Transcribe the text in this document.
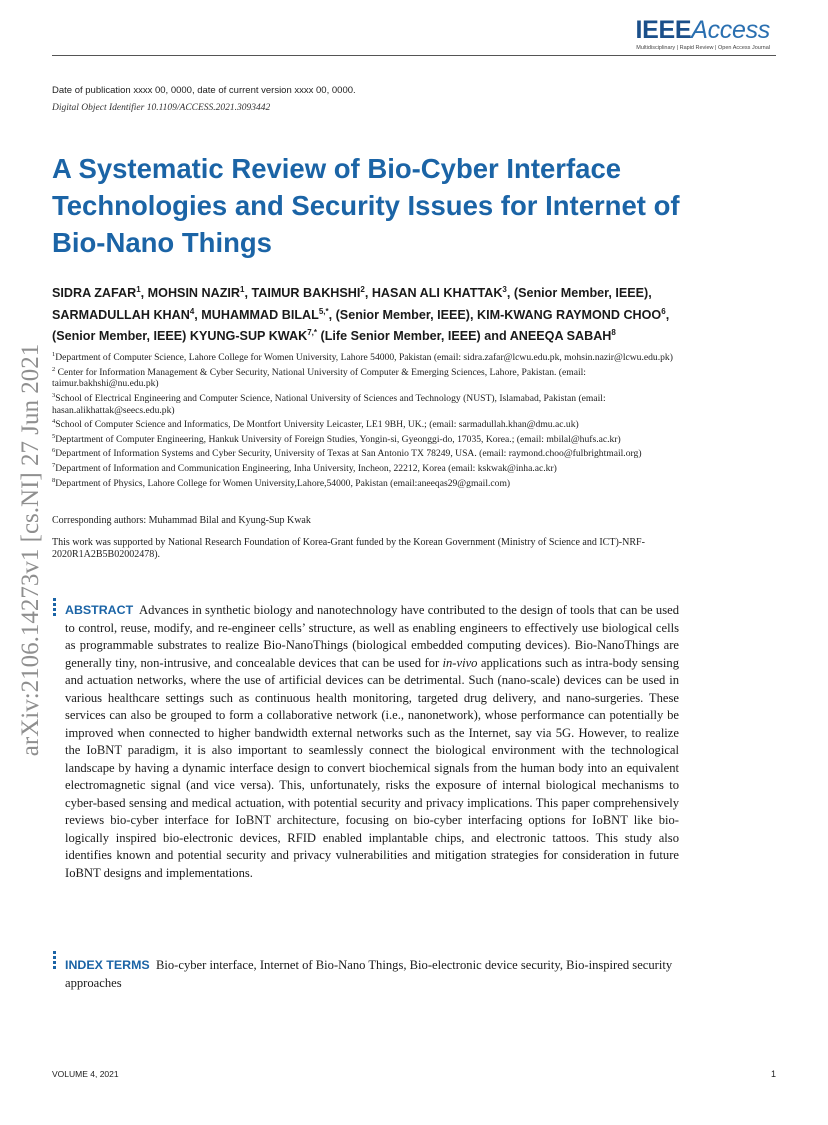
IEEEAccess
Multidisciplinary | Rapid Review | Open Access Journal
Date of publication xxxx 00, 0000, date of current version xxxx 00, 0000.
Digital Object Identifier 10.1109/ACCESS.2021.3093442
arXiv:2106.14273v1 [cs.NI] 27 Jun 2021
A Systematic Review of Bio-Cyber Interface Technologies and Security Issues for Internet of Bio-Nano Things

SIDRA ZAFAR$^1$, MOHSIN NAZIR$^1$, TAIMUR BAKHSHI$^2$, HASAN ALI KHATTAK$^3$, (Senior Member, IEEE), SARMADULLAH KHAN$^4$, MUHAMMAD $BILAL^{5,*}$, (Senior Member, IEEE), KIM-KWANG RAYMOND CHOO$^6$, (Senior Member, IEEE) KYUNG-SUP $KWAK^{7,*}$ (Life Senior Member, IEEE) and ANEEQA SABAH$^8$

$^1$Department of Computer Science, Lahore College for Women University, Lahore 54000, Pakistan (email: sidra.zafar@lcwu.edu.pk, mohsin.nazir@lcwu.edu.pk)

$^2$ Center for Information Management & Cyber Security, National University of Computer & Emerging Sciences, Lahore, Pakistan. (email: taimur.bakhshi@nu.edu.pk)

$^3$School of Electrical Engineering and Computer Science, National University of Sciences and Technology (NUST), Islamabad, Pakistan (email: hasan.alikhattak@seecs.edu.pk)

$^4$School of Computer Science and Informatics, De Montfort University Leicaster, LE1 9BH, UK.; (email: sarmadullah.khan@dmu.ac.uk)

$^5$Deptartment of Computer Engineering, Hankuk University of Foreign Studies, Yongin-si, Gyeonggi-do, 17035, Korea.; (email: mbilal@hufs.ac.kr)

$^6$Department of Information Systems and Cyber Security, University of Texas at San Antonio TX 78249, USA. (email: raymond.choo@fulbrightmail.org)

$^7$Department of Information and Communication Engineering, Inha University, Incheon, 22212, Korea (email: kskwak@inha.ac.kr)

$^8$Department of Physics, Lahore College for Women University,Lahore,54000, Pakistan (email:aneeqas29@gmail.com)

Corresponding authors: Muhammad Bilal and Kyung-Sup Kwak
This work was supported by National Research Foundation of Korea-Grant funded by the Korean Government (Ministry of Science and ICT)-NRF-2020R1A2B5B02002478).

ABSTRACT Advances in synthetic biology and nanotechnology have contributed to the design of tools that can be used to control, reuse, modify, and re-engineer cells’ structure, as well as enabling engineers to effectively use biological cells as programmable substrates to realize Bio-NanoThings (biological embedded computing devices). Bio-NanoThings are generally tiny, non-intrusive, and concealable devices that can be used for in-vivo applications such as intra-body sensing and actuation networks, where the use of artificial devices can be detrimental. Such (nano-scale) devices can be used in various healthcare settings such as continuous health monitoring, targeted drug delivery, and nano-surgeries. These services can also be grouped to form a collaborative network (i.e., nanonetwork), whose performance can potentially be improved when connected to higher bandwidth external networks such as the Internet, say via 5G. However, to realize the IoBNT paradigm, it is also important to seamlessly connect the biological environment with the technological landscape by having a dynamic interface design to convert biochemical signals from the human body into an equivalent electromagnetic signal (and vice versa). This, unfortunately, risks the exposure of internal biological mechanisms to cyber-based sensing and medical actuation, with potential security and privacy implications. This paper comprehensively reviews bio-cyber interface for IoBNT architecture, focusing on bio-cyber interfacing options for IoBNT like bio-logically inspired bio-electronic devices, RFID enabled implantable chips, and electronic tattoos. This study also identifies known and potential security and privacy vulnerabilities and mitigation strategies for consideration in future IoBNT designs and implementations.

INDEX TERMS Bio-cyber interface, Internet of Bio-Nano Things, Bio-electronic device security, Bio-inspired security approaches

VOLUME 4, 2021	1
